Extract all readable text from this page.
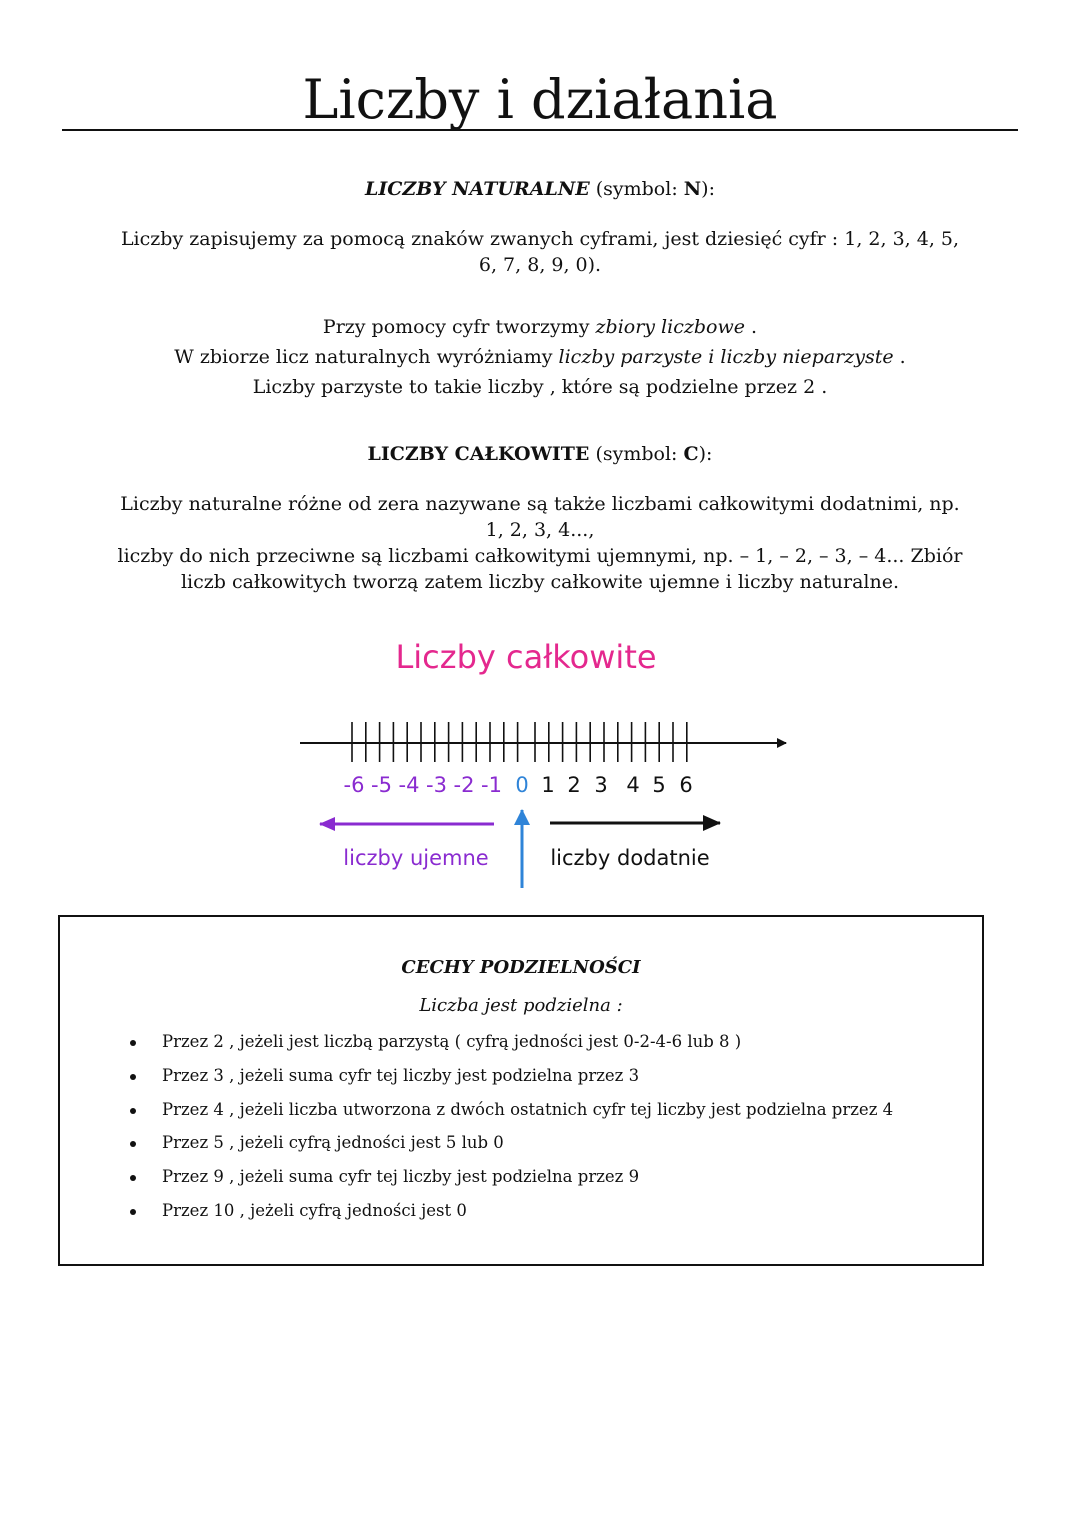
Liczby i działania
LICZBY NATURALNE (symbol: N):

Liczby zapisujemy za pomocą znaków zwanych cyframi, jest dziesięć cyfr : 1, 2, 3, 4, 5,

6, 7, 8, 9, 0).

Przy pomocy cyfr tworzymy zbiory liczbowe .

W zbiorze licz naturalnych wyróżniamy liczby parzyste i liczby nieparzyste .

Liczby parzyste to takie liczby , które są podzielne przez 2 .

LICZBY CAŁKOWITE (symbol: C):

Liczby naturalne różne od zera nazywane są także liczbami całkowitymi dodatnimi, np.

1, 2, 3, 4...,

liczby do nich przeciwne są liczbami całkowitymi ujemnymi, np. – 1, – 2, – 3, – 4... Zbiór

liczb całkowitych tworzą zatem liczby całkowite ujemne i liczby naturalne.

Liczby całkowite
-6 -5 -4 -3 -2 -1 0 1 2 3 4 5 6
liczby ujemne	liczby dodatnie
CECHY PODZIELNOŚCI
Liczba jest podzielna :
Przez 2 , jeżeli jest liczbą parzystą ( cyfrą jedności jest 0-2-4-6 lub 8 )
Przez 3 , jeżeli suma cyfr tej liczby jest podzielna przez 3
Przez 4 , jeżeli liczba utworzona z dwóch ostatnich cyfr tej liczby jest podzielna przez 4
Przez 5 , jeżeli cyfrą jedności jest 5 lub 0
Przez 9 , jeżeli suma cyfr tej liczby jest podzielna przez 9
Przez 10 , jeżeli cyfrą jedności jest 0
